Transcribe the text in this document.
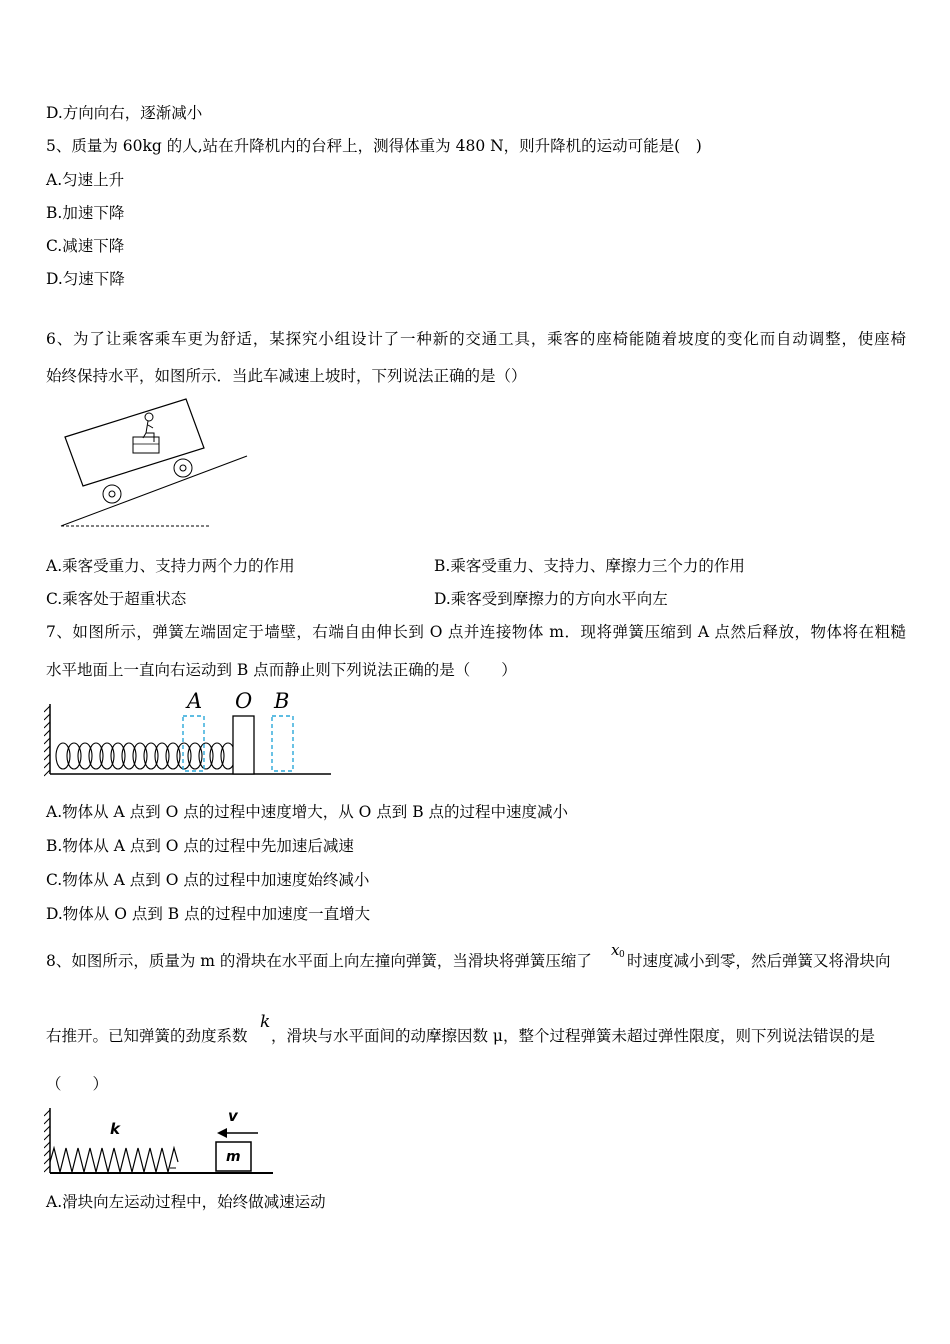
D.方向向右，逐渐减小
5、质量为 60kg 的人,站在升降机内的台秤上，测得体重为 480 N，则升降机的运动可能是(　)
A.匀速上升
B.加速下降
C.减速下降
D.匀速下降
6、为了让乘客乘车更为舒适，某探究小组设计了一种新的交通工具，乘客的座椅能随着坡度的变化而自动调整，使座椅
始终保持水平，如图所示．当此车减速上坡时，下列说法正确的是（）
A.乘客受重力、支持力两个力的作用	B.乘客受重力、支持力、摩擦力三个力的作用
C.乘客处于超重状态	D.乘客受到摩擦力的方向水平向左
7、如图所示，弹簧左端固定于墙壁，右端自由伸长到 O 点并连接物体 m．现将弹簧压缩到 A 点然后释放，物体将在粗糙
水平地面上一直向右运动到 B 点而静止则下列说法正确的是（　　）
A O B
A.物体从 A 点到 O 点的过程中速度增大，从 O 点到 B 点的过程中速度减小
B.物体从 A 点到 O 点的过程中先加速后减速
C.物体从 A 点到 O 点的过程中加速度始终减小
D.物体从 O 点到 B 点的过程中加速度一直增大
8、如图所示，质量为 m 的滑块在水平面上向左撞向弹簧，当滑块将弹簧压缩了
x 0 时速度减小到零，然后弹簧又将滑块向
右推开。已知弹簧的劲度系数
k
，滑块与水平面间的动摩擦因数 μ，整个过程弹簧未超过弹性限度，则下列说法错误的是
（　　）
k
v
m
A.滑块向左运动过程中，始终做减速运动
